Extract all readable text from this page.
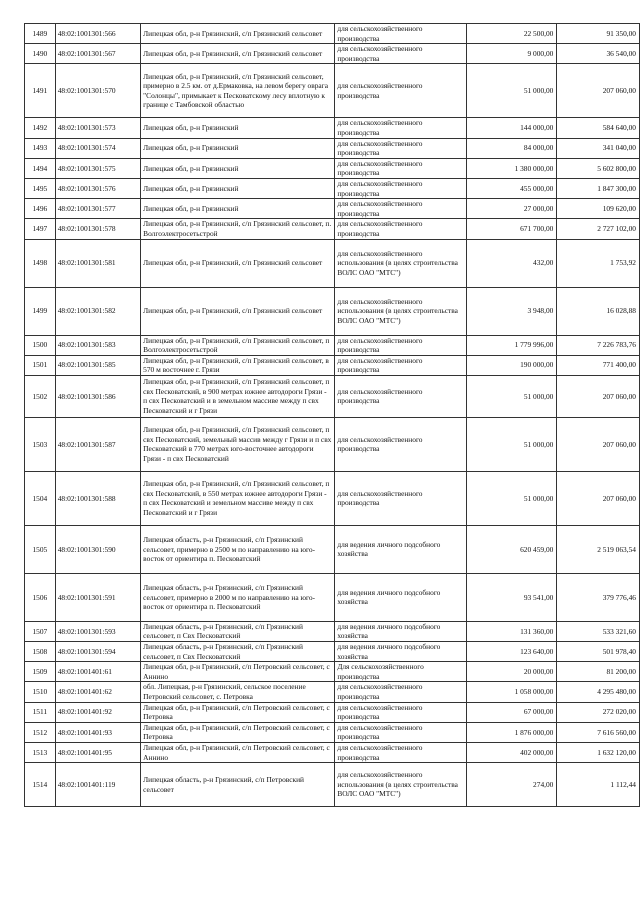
1489	48:02:1001301:566	Липецкая обл, р-н Грязинский, с/п Грязинский сельсовет	для сельскохозяйственного производства	22 500,00	91 350,00
1490	48:02:1001301:567	Липецкая обл, р-н Грязинский, с/п Грязинский сельсовет	для сельскохозяйственного производства	9 000,00	36 540,00
1491	48:02:1001301:570	Липецкая обл, р-н Грязинский, с/п Грязинский сельсовет, примерно в 2.5 км. от д.Ермаковка, на левом берегу оврага "Солонцы", примыкает к Песковатскому лесу вплотную к границе с Тамбовской областью	для сельскохозяйственного производства	51 000,00	207 060,00
1492	48:02:1001301:573	Липецкая обл, р-н Грязинский	для сельскохозяйственного производства	144 000,00	584 640,00
1493	48:02:1001301:574	Липецкая обл, р-н Грязинский	для сельскохозяйственного производства	84 000,00	341 040,00
1494	48:02:1001301:575	Липецкая обл, р-н Грязинский	для сельскохозяйственного производства	1 380 000,00	5 602 800,00
1495	48:02:1001301:576	Липецкая обл, р-н Грязинский	для сельскохозяйственного производства	455 000,00	1 847 300,00
1496	48:02:1001301:577	Липецкая обл, р-н Грязинский	для сельскохозяйственного производства	27 000,00	109 620,00
1497	48:02:1001301:578	Липецкая обл, р-н Грязинский, с/п Грязинский сельсовет, п. Волгоэлектросетьстрой	для сельскохозяйственного производства	671 700,00	2 727 102,00
1498	48:02:1001301:581	Липецкая обл, р-н Грязинский, с/п Грязинский сельсовет	для сельскохозяйственного использования (в целях строительства ВОЛС ОАО "МТС")	432,00	1 753,92
1499	48:02:1001301:582	Липецкая обл, р-н Грязинский, с/п Грязинский сельсовет	для сельскохозяйственного использования (в целях строительства ВОЛС ОАО "МТС")	3 948,00	16 028,88
1500	48:02:1001301:583	Липецкая обл, р-н Грязинский, с/п Грязинский сельсовет, п Волгоэлектросетьстрой	для сельскохозяйственного производства	1 779 996,00	7 226 783,76
1501	48:02:1001301:585	Липецкая обл, р-н Грязинский, с/п Грязинский сельсовет, в 570 м восточнее г. Грязи	для сельскохозяйственного производства	190 000,00	771 400,00
1502	48:02:1001301:586	Липецкая обл, р-н Грязинский, с/п Грязинский сельсовет, п свх Песковатский, в 900 метрах южнее автодороги Грязи - п свх Песковатский и в земельном массиве между п свх Песковатский и г Грязи	для сельскохозяйственного производства	51 000,00	207 060,00
1503	48:02:1001301:587	Липецкая обл, р-н Грязинский, с/п Грязинский сельсовет, п свх Песковатский, земельный массив между г Грязи и п свх Песковатский в 770 метрах юго-восточнее автодороги Грязи - п свх Песковатский	для сельскохозяйственного производства	51 000,00	207 060,00
1504	48:02:1001301:588	Липецкая обл, р-н Грязинский, с/п Грязинский сельсовет, п свх Песковатский, в 550 метрах южнее автодороги Грязи - п свх Песковатский и земельном массиве между п свх Песковатский и г Грязи	для сельскохозяйственного производства	51 000,00	207 060,00
1505	48:02:1001301:590	Липецкая область, р-н Грязинский, с/п Грязинский сельсовет, примерно в 2500 м по направлению на юго-восток от ориентира п. Песковатский	для ведения личного подсобного хозяйства	620 459,00	2 519 063,54
1506	48:02:1001301:591	Липецкая область, р-н Грязинский, с/п Грязинский сельсовет, примерно в 2000 м по направлению на юго-восток от ориентира п. Песковатский	для ведения личного подсобного хозяйства	93 541,00	379 776,46
1507	48:02:1001301:593	Липецкая область, р-н Грязинский, с/п Грязинский сельсовет, п Свх Песковатский	для ведения личного подсобного хозяйства	131 360,00	533 321,60
1508	48:02:1001301:594	Липецкая область, р-н Грязинский, с/п Грязинский сельсовет, п Свх Песковатский	для ведения личного подсобного хозяйства	123 640,00	501 978,40
1509	48:02:1001401:61	Липецкая обл, р-н Грязинский, с/п Петровский сельсовет, с Аннино	Для сельскохозяйственного производства	20 000,00	81 200,00
1510	48:02:1001401:62	обл. Липецкая, р-н Грязинский, сельское поселение Петровский сельсовет, с. Петровка	для сельскохозяйственного производства	1 058 000,00	4 295 480,00
1511	48:02:1001401:92	Липецкая обл, р-н Грязинский, с/п Петровский сельсовет, с Петровка	для сельскохозяйственного производства	67 000,00	272 020,00
1512	48:02:1001401:93	Липецкая обл, р-н Грязинский, с/п Петровский сельсовет, с Петровка	для сельскохозяйственного производства	1 876 000,00	7 616 560,00
1513	48:02:1001401:95	Липецкая обл, р-н Грязинский, с/п Петровский сельсовет, с Аннино	для сельскохозяйственного производства	402 000,00	1 632 120,00
1514	48:02:1001401:119	Липецкая область, р-н Грязинский, с/п Петровский сельсовет	для сельскохозяйственного использования (в целях строительства ВОЛС ОАО "МТС")	274,00	1 112,44
